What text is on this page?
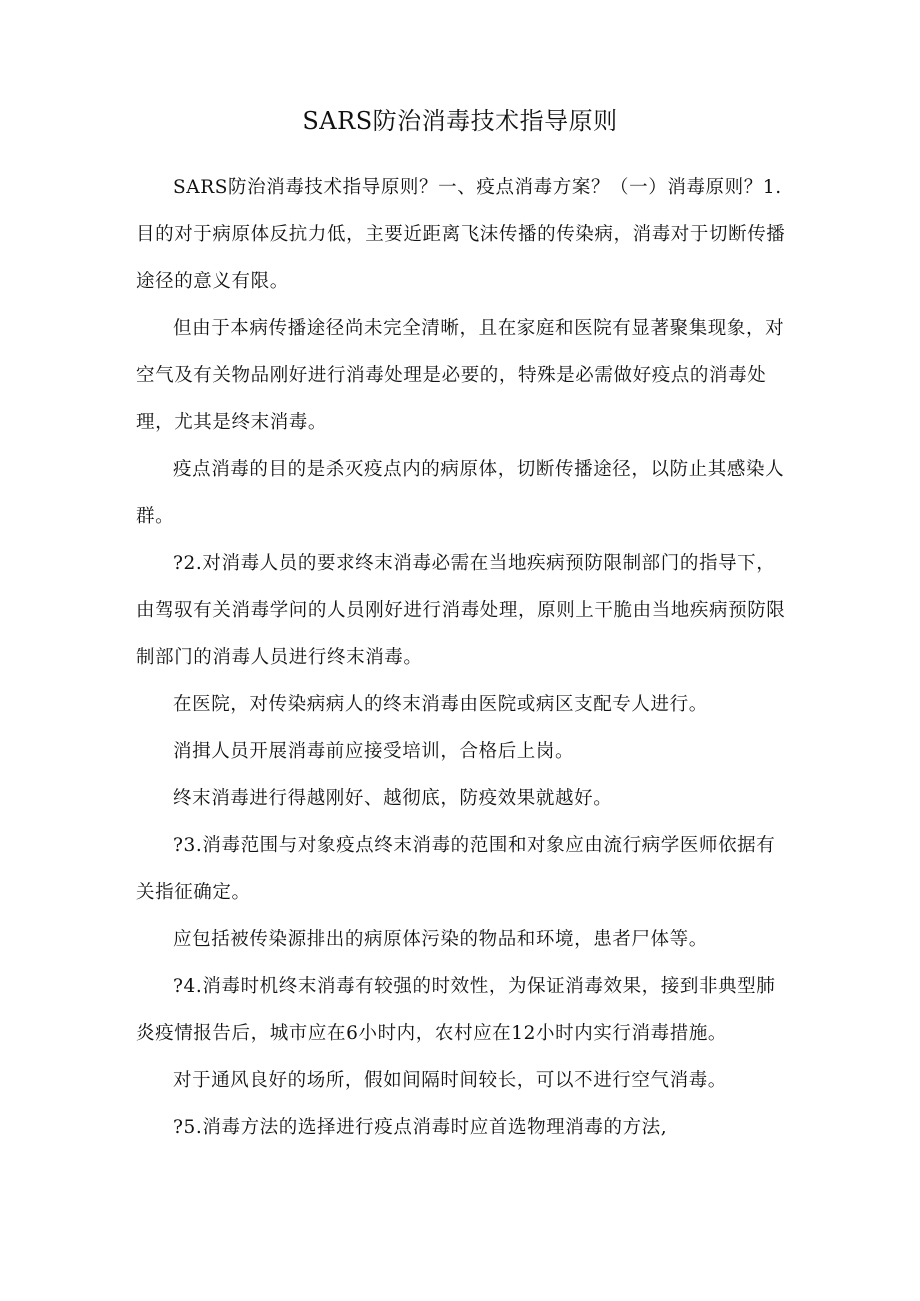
SARS防治消毒技术指导原则

SARS防治消毒技术指导原则？一、疫点消毒方案？（一）消毒原则？1.目的对于病原体反抗力低，主要近距离飞沫传播的传染病，消毒对于切断传播途径的意义有限。

但由于本病传播途径尚未完全清晰，且在家庭和医院有显著聚集现象，对空气及有关物品刚好进行消毒处理是必要的，特殊是必需做好疫点的消毒处理，尤其是终末消毒。

疫点消毒的目的是杀灭疫点内的病原体，切断传播途径，以防止其感染人群。

?2.对消毒人员的要求终末消毒必需在当地疾病预防限制部门的指导下，由驾驭有关消毒学问的人员刚好进行消毒处理，原则上干脆由当地疾病预防限制部门的消毒人员进行终末消毒。

在医院，对传染病病人的终末消毒由医院或病区支配专人进行。

消揖人员开展消毒前应接受培训，合格后上岗。

终末消毒进行得越刚好、越彻底，防疫效果就越好。

?3.消毒范围与对象疫点终末消毒的范围和对象应由流行病学医师依据有关指征确定。

应包括被传染源排出的病原体污染的物品和环境，患者尸体等。

?4.消毒时机终末消毒有较强的时效性，为保证消毒效果，接到非典型肺炎疫情报告后，城市应在6小时内，农村应在12小时内实行消毒措施。

对于通风良好的场所，假如间隔时间较长，可以不进行空气消毒。

?5.消毒方法的选择进行疫点消毒时应首选物理消毒的方法,
